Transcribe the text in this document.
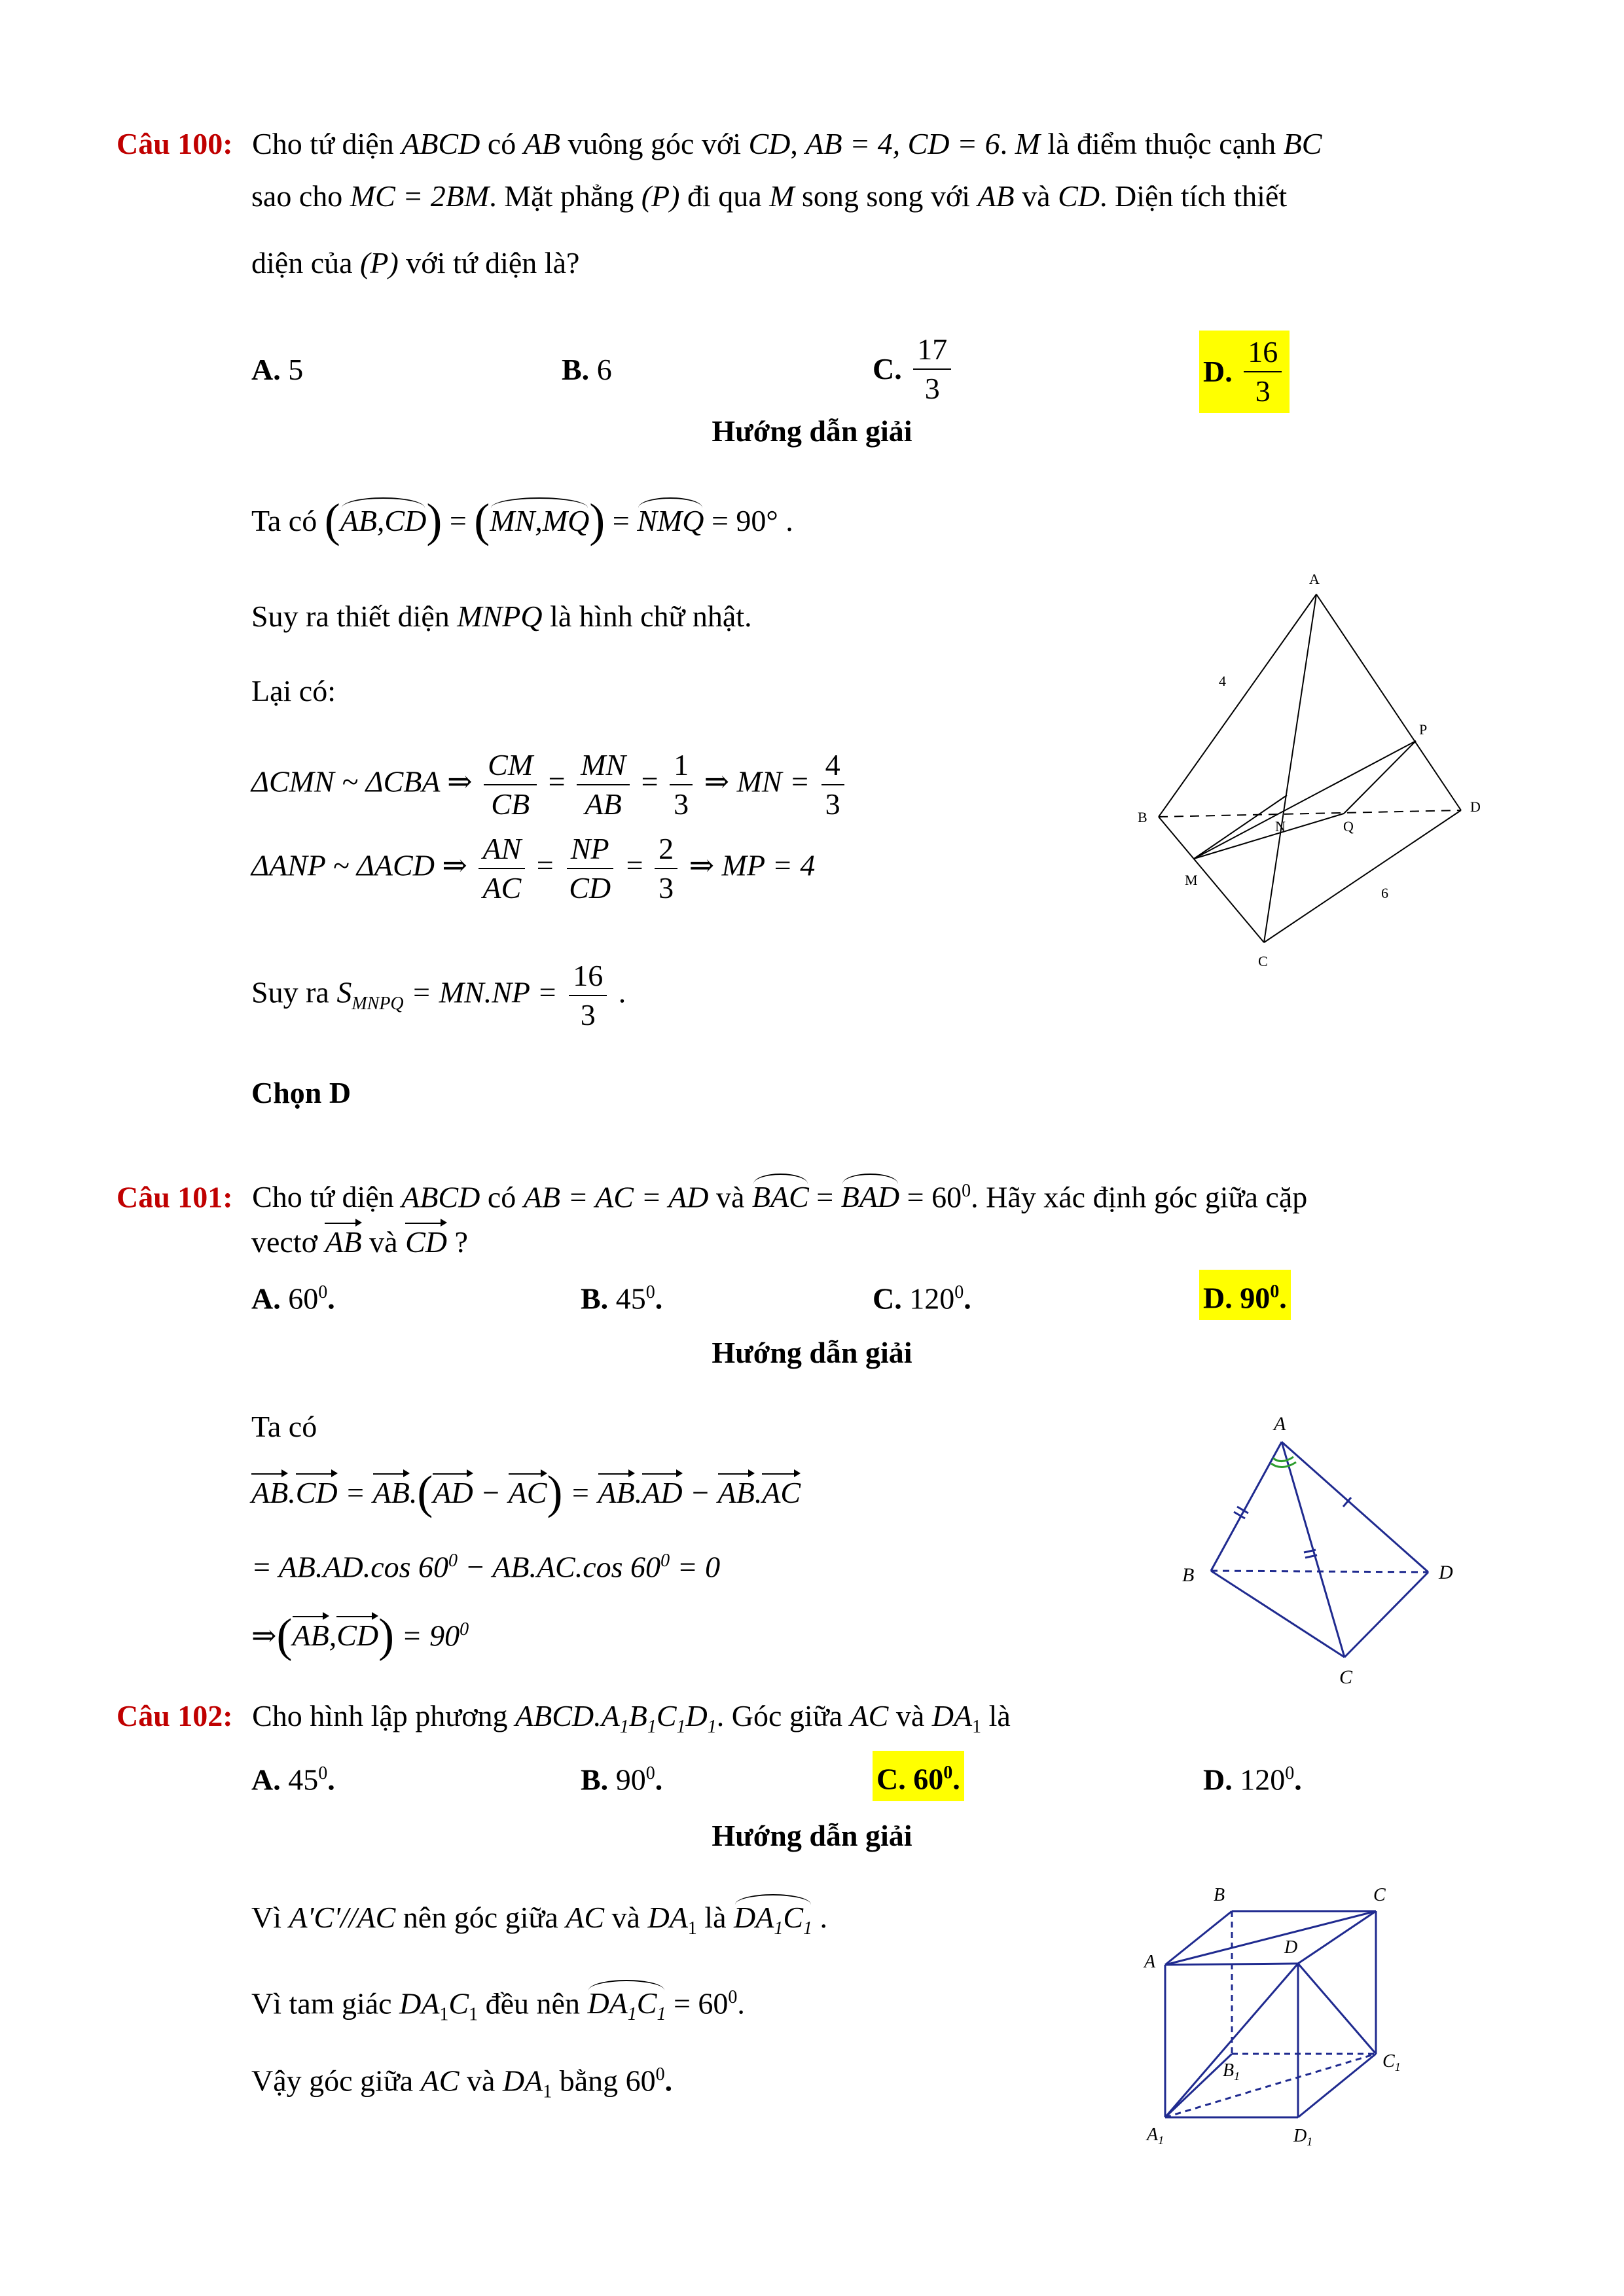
Câu 100: Cho tứ diện ABCD có AB vuông góc với CD, AB = 4, CD = 6. M là điểm thuộc cạnh BC
sao cho MC = 2BM. Mặt phẳng (P) đi qua M song song với AB và CD. Diện tích thiết
diện của (P) với tứ diện là?
A. 5	B. 6	C. $\frac{17}{3}$	D. $\frac{16}{3}$
Hướng dẫn giải
Ta có (AB,CD) = (MN,MQ) = NMQ = 90° .
Suy ra thiết diện MNPQ là hình chữ nhật.
Lại có:
ΔCMN ~ ΔCBA ⇒ $\frac{CM}{CB} = \frac{MN}{AB} = \frac{1}{3}$ ⇒ MN = $\frac{4}{3}$
ΔANP ~ ΔACD ⇒ $\frac{AN}{AC} = \frac{NP}{CD} = \frac{2}{3}$ ⇒ MP = 4
Suy ra $S_{MNPQ} = MN.NP = \frac{16}{3}$ .
Chọn D
A
B
C
D
M
N
P
Q
4
6
Câu 101: Cho tứ diện ABCD có AB = AC = AD và BAC = BAD = $60^0$. Hãy xác định góc giữa cặp
vectơ AB và CD ?
A. $60^0$.	B. $45^0$.	C. $120^0$.	D. $90^0$.
Hướng dẫn giải
Ta có
AB.CD = AB.(AD − AC) = AB.AD − AB.AC
= AB.AD.cos $60^0 - AB.AC.\cos$ $60^0 = 0$
⇒(AB,CD) = $90^0$
A
B
C
D
Câu 102: Cho hình lập phương $ABCD.A_1B_1C_1D_1$. Góc giữa AC và $DA_1$ là
A. $45^0$.	B. $90^0$.	C. $60^0$.	D. $120^0$.
Hướng dẫn giải
Vì A'C'//AC nên góc giữa AC và $DA_1$ là $DA_1C_1$ .
Vì tam giác $DA_1C_1$ đều nên $DA_1C_1 = 60^0$.
Vậy góc giữa AC và $DA_1$ bằng $60^0$.
B	C
A
D
$B_1$
$C_1$
$A_1$	$D_1$
